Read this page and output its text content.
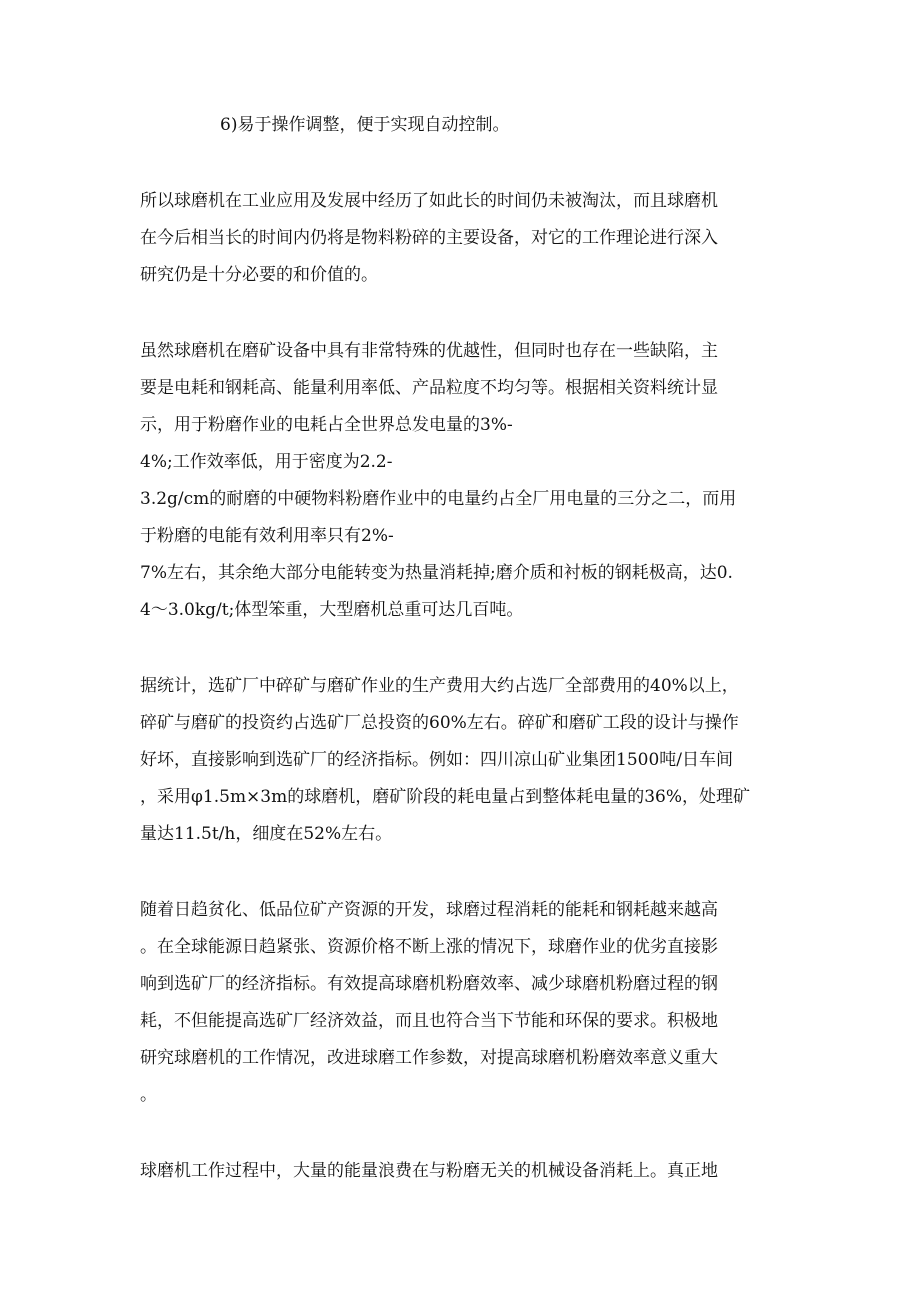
6)易于操作调整，便于实现自动控制。
所以球磨机在工业应用及发展中经历了如此长的时间仍未被淘汰，而且球磨机
在今后相当长的时间内仍将是物料粉碎的主要设备，对它的工作理论进行深入
研究仍是十分必要的和价值的。
虽然球磨机在磨矿设备中具有非常特殊的优越性，但同时也存在一些缺陷，主
要是电耗和钢耗高、能量利用率低、产品粒度不均匀等。根据相关资料统计显
示，用于粉磨作业的电耗占全世界总发电量的3%-
4%;工作效率低，用于密度为2.2-
3.2g/cm的耐磨的中硬物料粉磨作业中的电量约占全厂用电量的三分之二，而用
于粉磨的电能有效利用率只有2%-
7%左右，其余绝大部分电能转变为热量消耗掉;磨介质和衬板的钢耗极高，达0.
4～3.0kg/t;体型笨重，大型磨机总重可达几百吨。
据统计，选矿厂中碎矿与磨矿作业的生产费用大约占选厂全部费用的40%以上，
碎矿与磨矿的投资约占选矿厂总投资的60%左右。碎矿和磨矿工段的设计与操作
好坏，直接影响到选矿厂的经济指标。例如：四川凉山矿业集团1500吨/日车间
，采用φ1.5m×3m的球磨机，磨矿阶段的耗电量占到整体耗电量的36%，处理矿
量达11.5t/h，细度在52%左右。
随着日趋贫化、低品位矿产资源的开发，球磨过程消耗的能耗和钢耗越来越高
。在全球能源日趋紧张、资源价格不断上涨的情况下，球磨作业的优劣直接影
响到选矿厂的经济指标。有效提高球磨机粉磨效率、减少球磨机粉磨过程的钢
耗，不但能提高选矿厂经济效益，而且也符合当下节能和环保的要求。积极地
研究球磨机的工作情况，改进球磨工作参数，对提高球磨机粉磨效率意义重大
。
球磨机工作过程中，大量的能量浪费在与粉磨无关的机械设备消耗上。真正地
